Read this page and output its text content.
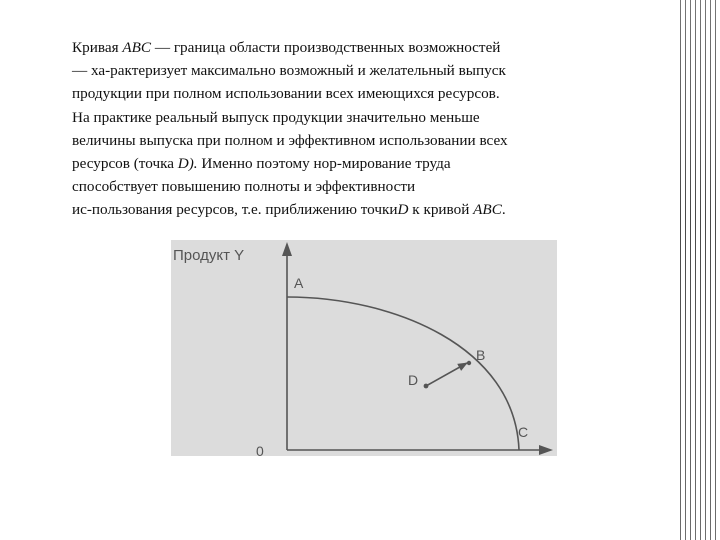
Кривая ABC — граница области производственных возможностей
— ха-рактеризует максимально возможный и желательный выпуск
продукции при полном использовании всех имеющихся ресурсов.
На практике реальный выпуск продукции значительно меньше
величины выпуска при полном и эффективном использовании всех
ресурсов (точка D). Именно поэтому нор-мирование труда
способствует повышению полноты и эффективности
ис-пользования ресурсов, т.е. приближению точкиD к кривой ABC.

Продукт Y
A
B
C
D
0
